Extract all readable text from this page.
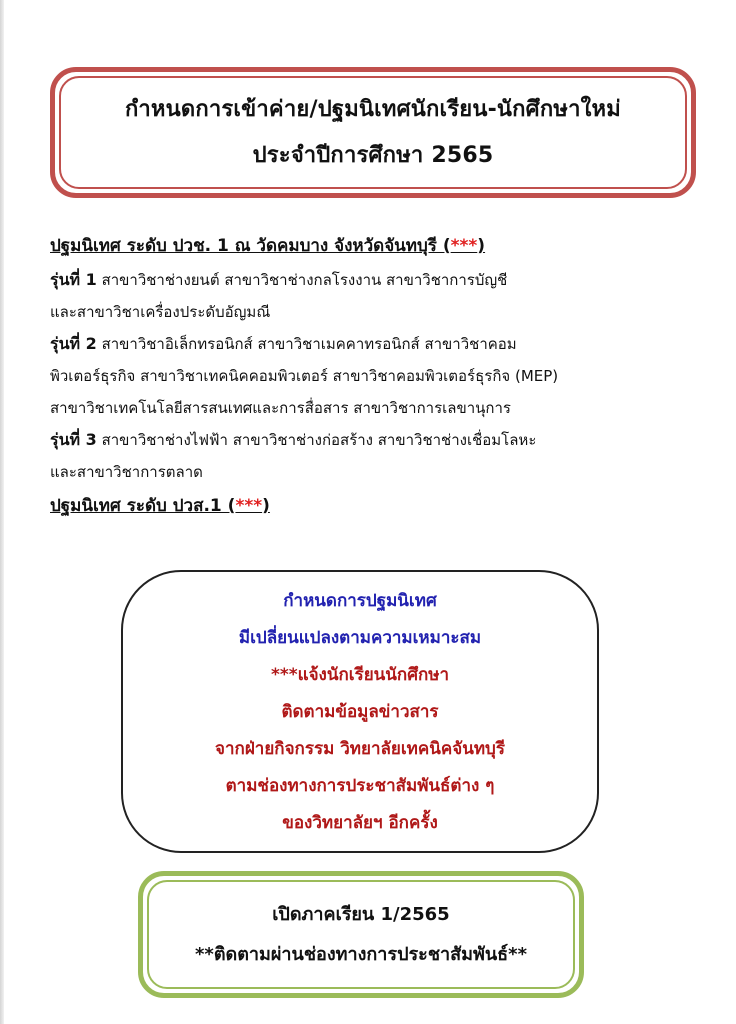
กำหนดการเข้าค่าย/ปฐมนิเทศนักเรียน-นักศึกษาใหม่
ประจำปีการศึกษา 2565
ปฐมนิเทศ ระดับ ปวช. 1 ณ วัดคมบาง จังหวัดจันทบุรี (***)
รุ่นที่ 1 สาขาวิชาช่างยนต์ สาขาวิชาช่างกลโรงงาน สาขาวิชาการบัญชี
และสาขาวิชาเครื่องประดับอัญมณี
รุ่นที่ 2 สาขาวิชาอิเล็กทรอนิกส์ สาขาวิชาเมคคาทรอนิกส์ สาขาวิชาคอม
พิวเตอร์ธุรกิจ สาขาวิชาเทคนิคคอมพิวเตอร์ สาขาวิชาคอมพิวเตอร์ธุรกิจ (MEP)
สาขาวิชาเทคโนโลยีสารสนเทศและการสื่อสาร สาขาวิชาการเลขานุการ
รุ่นที่ 3 สาขาวิชาช่างไฟฟ้า สาขาวิชาช่างก่อสร้าง สาขาวิชาช่างเชื่อมโลหะ
และสาขาวิชาการตลาด
ปฐมนิเทศ ระดับ ปวส.1 (***)
กำหนดการปฐมนิเทศ
มีเปลี่ยนแปลงตามความเหมาะสม
***แจ้งนักเรียนนักศึกษา
ติดตามข้อมูลข่าวสาร
จากฝ่ายกิจกรรม วิทยาลัยเทคนิคจันทบุรี
ตามช่องทางการประชาสัมพันธ์ต่าง ๆ
ของวิทยาลัยฯ อีกครั้ง
เปิดภาคเรียน 1/2565
**ติดตามผ่านช่องทางการประชาสัมพันธ์**
